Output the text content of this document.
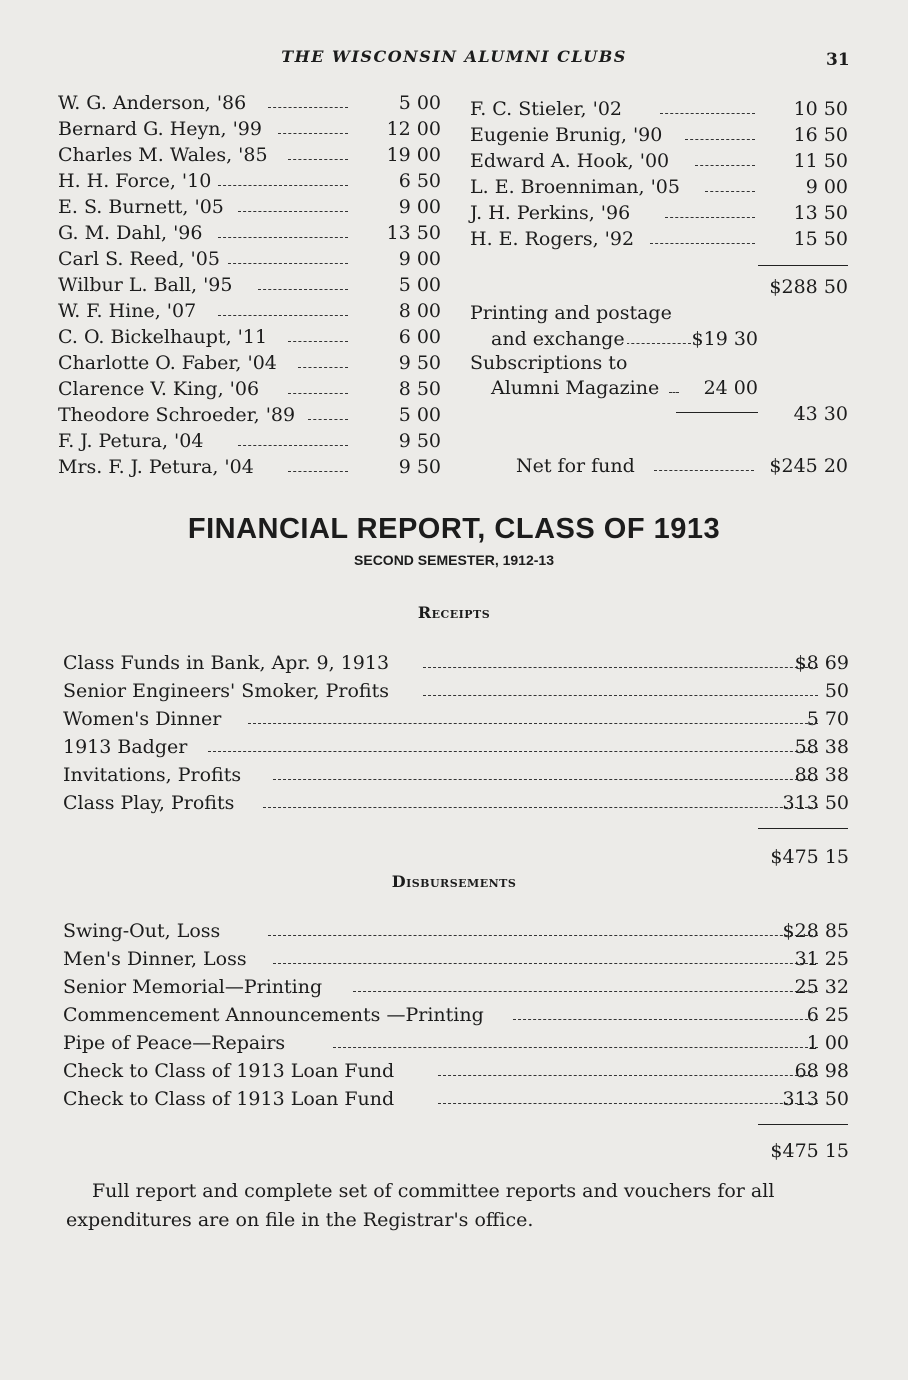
THE WISCONSIN ALUMNI CLUBS	31
W. G. Anderson, '86	5 00
Bernard G. Heyn, '99	12 00
Charles M. Wales, '85	19 00
H. H. Force, '10	6 50
E. S. Burnett, '05	9 00
G. M. Dahl, '96	13 50
Carl S. Reed, '05	9 00
Wilbur L. Ball, '95	5 00
W. F. Hine, '07	8 00
C. O. Bickelhaupt, '11	6 00
Charlotte O. Faber, '04	9 50
Clarence V. King, '06	8 50
Theodore Schroeder, '89	5 00
F. J. Petura, '04	9 50
Mrs. F. J. Petura, '04	9 50
F. C. Stieler, '02	10 50
Eugenie Brunig, '90	16 50
Edward A. Hook, '00	11 50
L. E. Broenniman, '05	9 00
J. H. Perkins, '96	13 50
H. E. Rogers, '92	15 50
$288 50
Printing and postage
and exchange	$19 30
Subscriptions to
Alumni Magazine 24 00
43 30
Net for fund	$245 20
FINANCIAL REPORT, CLASS OF 1913
SECOND SEMESTER, 1912-13
Receipts
Class Funds in Bank, Apr. 9, 1913	$8 69
Senior Engineers' Smoker, Profits	50
Women's Dinner	5 70
1913 Badger	58 38
Invitations, Profits	88 38
Class Play, Profits	313 50
$475 15
Disbursements
Swing-Out, Loss	$28 85
Men's Dinner, Loss	31 25
Senior Memorial—Printing	25 32
Commencement Announcements —Printing	6 25
Pipe of Peace—Repairs	1 00
Check to Class of 1913 Loan Fund	68 98
Check to Class of 1913 Loan Fund	313 50
$475 15
Full report and complete set of committee reports and vouchers for all
expenditures are on file in the Registrar's office.
